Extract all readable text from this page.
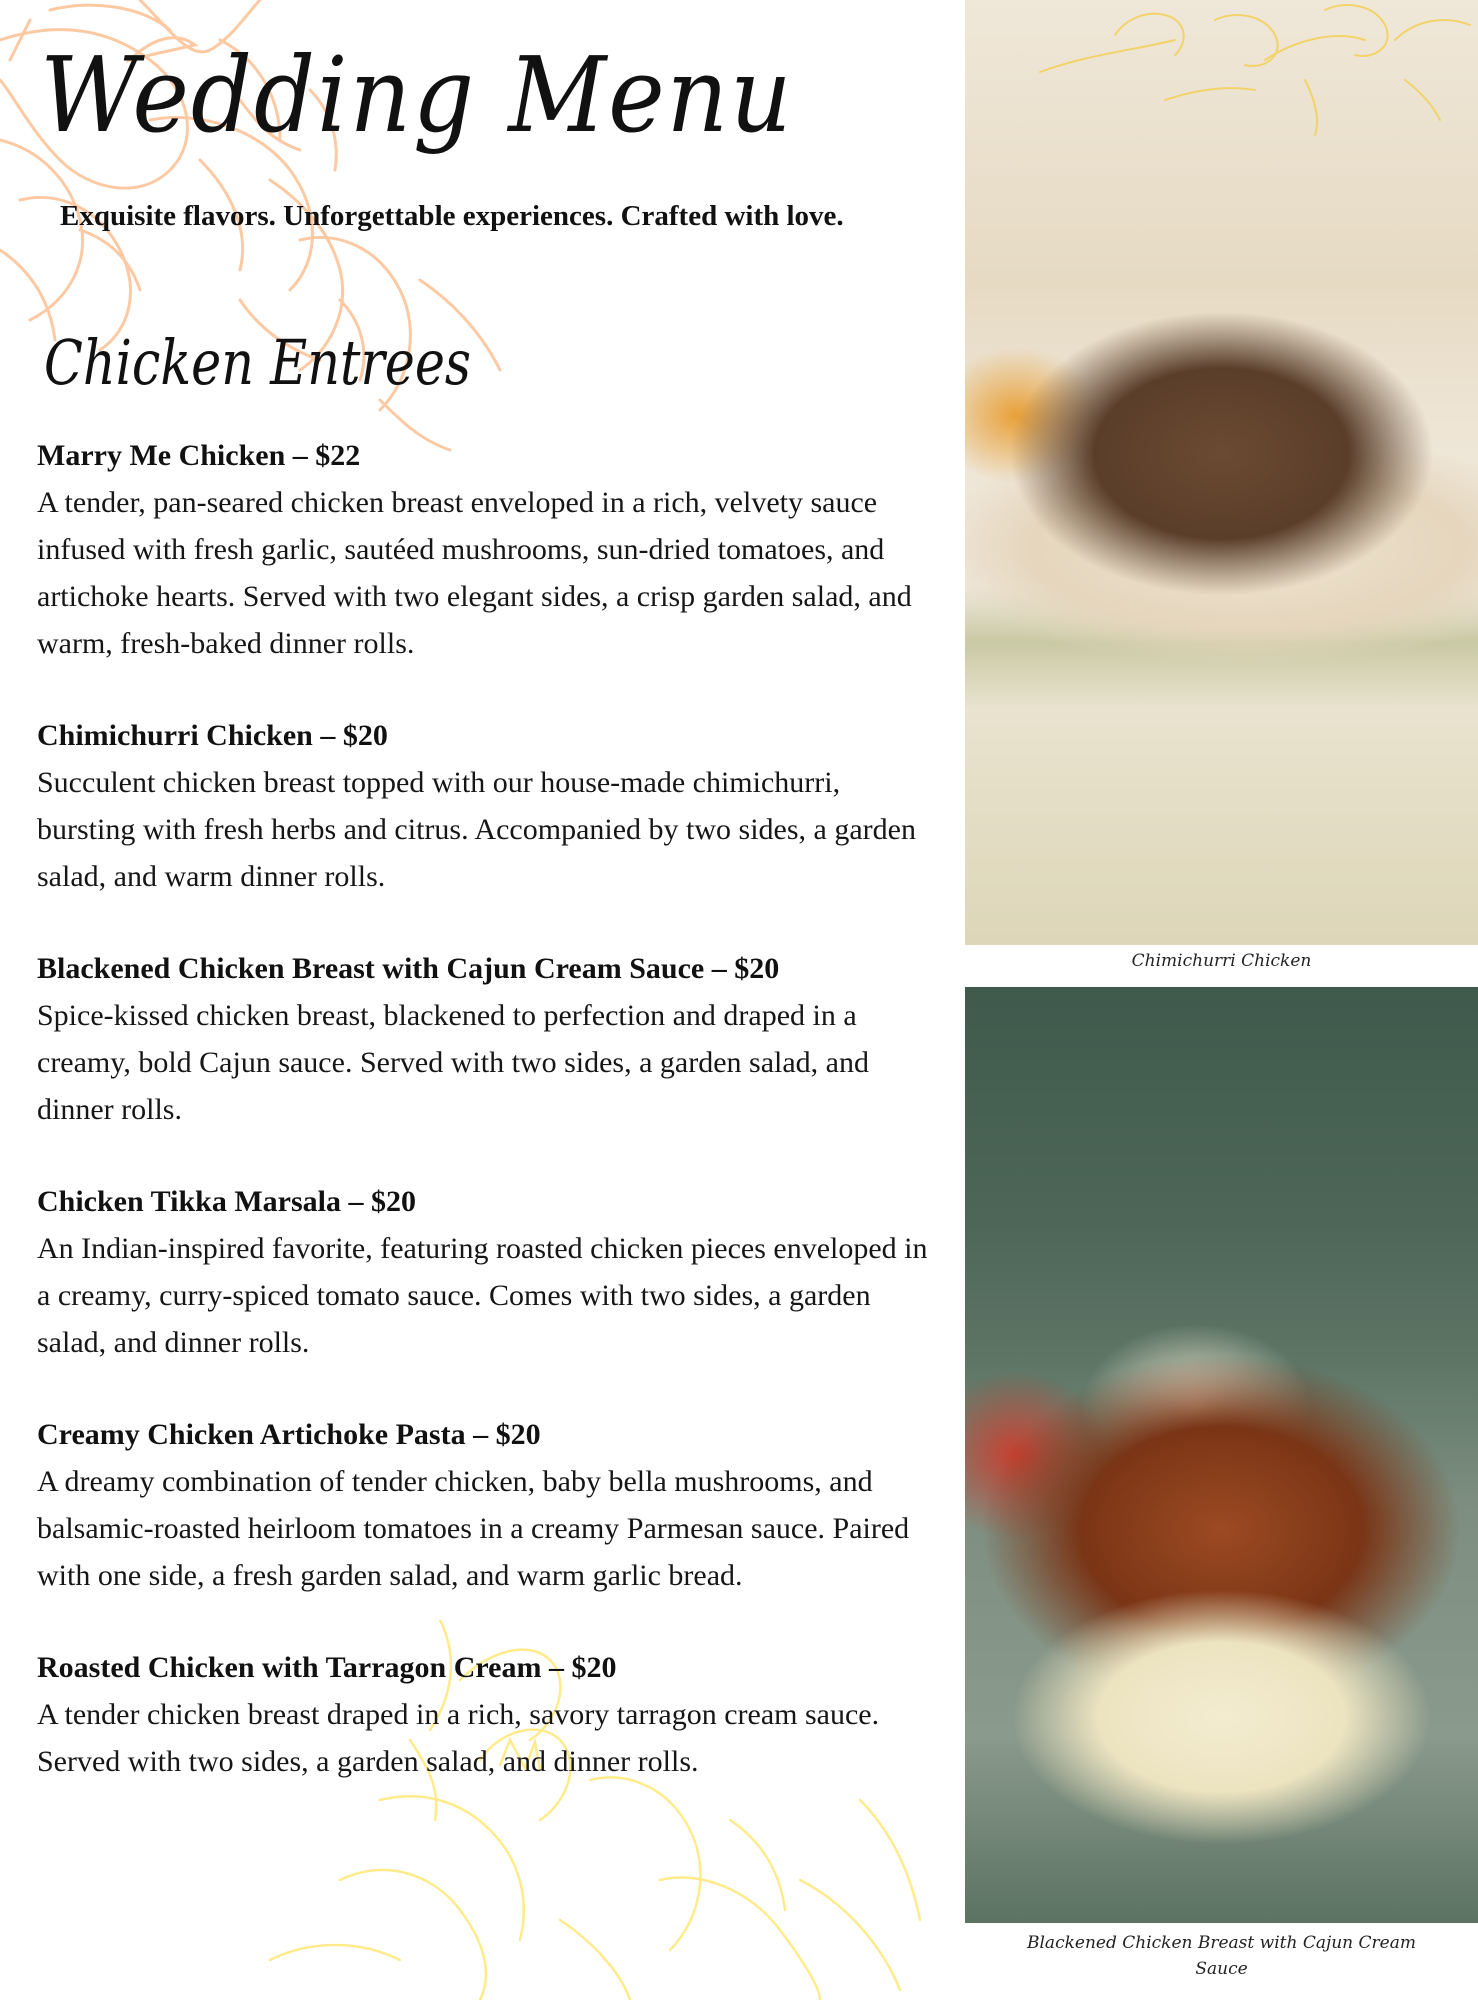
Wedding Menu
Exquisite flavors. Unforgettable experiences. Crafted with love.
Chicken Entrees
Marry Me Chicken – $22
A tender, pan-seared chicken breast enveloped in a rich, velvety sauce infused with fresh garlic, sautéed mushrooms, sun-dried tomatoes, and artichoke hearts. Served with two elegant sides, a crisp garden salad, and warm, fresh-baked dinner rolls.
Chimichurri Chicken – $20
Succulent chicken breast topped with our house-made chimichurri, bursting with fresh herbs and citrus. Accompanied by two sides, a garden salad, and warm dinner rolls.
Blackened Chicken Breast with Cajun Cream Sauce – $20
Spice-kissed chicken breast, blackened to perfection and draped in a creamy, bold Cajun sauce. Served with two sides, a garden salad, and dinner rolls.
Chicken Tikka Marsala – $20
An Indian-inspired favorite, featuring roasted chicken pieces enveloped in a creamy, curry-spiced tomato sauce. Comes with two sides, a garden salad, and dinner rolls.
Creamy Chicken Artichoke Pasta – $20
A dreamy combination of tender chicken, baby bella mushrooms, and balsamic-roasted heirloom tomatoes in a creamy Parmesan sauce. Paired with one side, a fresh garden salad, and warm garlic bread.
Roasted Chicken with Tarragon Cream – $20
A tender chicken breast draped in a rich, savory tarragon cream sauce. Served with two sides, a garden salad, and dinner rolls.
Chimichurri Chicken
Blackened Chicken Breast with Cajun Cream Sauce
